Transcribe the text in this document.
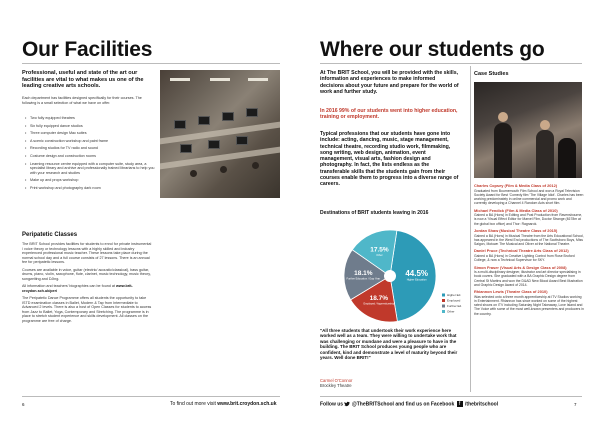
Our Facilities
Professional, useful and state of the art our facilities are vital to what makes us one of the leading creative arts schools.
Each department has facilities designed specifically for their courses. The following is a small selection of what we have on offer.
• Two fully equipped theatres
• Six fully equipped dance studios
• Three computer design Mac suites
• A scenic construction workshop and paint frame
• Recording studios for TV radio and sound
• Costume design and construction rooms
• Learning resource centre equipped with a computer suite, study area, a specialist library and archive and professionally trained librarians to help you with your research and studies
• Make up and props workshop
• Print workshop and photography dark room
Peripatetic Classes

The BRIT School provides facilities for students to enrol for private instrumental / voice theory or technology lessons with a highly skilled and industry experienced professional music teacher. These lessons take place during the normal school day and a full course consists of 27 lessons. There is an annual fee for peripatetic lessons.

Courses are available in voice, guitar (electric/ acoustic/classical), bass guitar, drums, piano, violin, saxophone, flute, clarinet, music technology, music theory, songwriting and DJing.

All information and teachers' biographies can be found at www.brit-croydon.sch.uk/peri

The Peripatetic Dance Programme offers all students the opportunity to take ISTD examination classes in Ballet, Modern & Tap from Intermediate to Advanced 2 levels. There is also a host of Open Classes for students to access from Jazz to Ballet, Yoga, Contemporary and Stretching. The programme is in place to stretch student experience and skills development. All classes on the programme are free of charge.

6	To find out more visit www.brit.croydon.sch.uk
Where our students go
At The BRIT School, you will be provided with the skills, information and experiences to make informed decisions about your future and prepare for the world of work and further study.
In 2016 99% of our students went into higher education, training or employment.
Typical professions that our students have gone into include: acting, dancing, music, stage management, technical theatre, recording studio work, filmmaking, song writing, web design, animation, event management, visual arts, fashion design and photography. In fact, the lists endless as the transferable skills that the students gain from their courses enable them to progress into a diverse range of careers.
Destinations of BRIT students leaving in 2016
44.5%
Higher Education
18.7%
Employed / Apprenticeship
18.1%
Further Education / Gap Year
17.5%
Other
Higher Ed.
Employed
Further Ed.
Other
"All three students that undertook their work experience here worked well as a team. They were willing to undertake work that was challenging or mundane and were a pleasure to have in the building. The BRIT School produces young people who are confident, kind and demonstrate a level of maturity beyond their years. Well done BRIT!"
Carmel O'Connor
Brockley Theatre
Case Studies
Charles Copsey (Film & Media Class of 2012)
Graduated from Bournemouth Film School and won a Royal Television Society Award for Best 'Comedy film 'The Village Idiot'. Charles has been working predominately in online commercial and promo work and currently developing a Channel 4 Random Acts short film.
Michael Fendick (Film & Media Class of 2010)
Gained a BA (Hons) in Editing and Post Production from Ravensbourne, is now a 'Visual Effect Editor for Marvel Film, Doctor Strange (£678m at the global box office) and Thor: Ragnarok.
Jordan Shaw (Musical Theatre Class of 2015)
Gained a BA (Hons) in Musical Theatre from the Arts Educational School, has appeared in the West End productions of The Scottsboro Boys, Miss Saigon, Motown The Musical and Oliver at the National Theatre.
Daniel Pruce (Technical Theatre Arts Class of 2012)
Gained a BA (Hons) in Creative Lighting Control from Rose Bruford College, & now a Technical Supervisor for SKY.
Simon Fraser (Visual Arts & Design Class of 2008)
Is a multi-disciplinary designer, illustrator and art director specialising in book covers. She graduated with a BA Graphic Design degree from Central St Martins and won the D&AD New Blood Award Best Illustration and Graphic Design Award of 2014.
Rhiannon Lewis (Theatre Class of 2010)
Was selected onto a three month apprenticeship at ITV Studios working in Entertainment. Rhiannon has since worked on some of the highest rated shows on ITV including Saturday Night Takeaway, Love Island and The Voice with some of the most well-known presenters and producers in the country.
Follow us @TheBRITSchool and find us on Facebook f /thebritschool	7
